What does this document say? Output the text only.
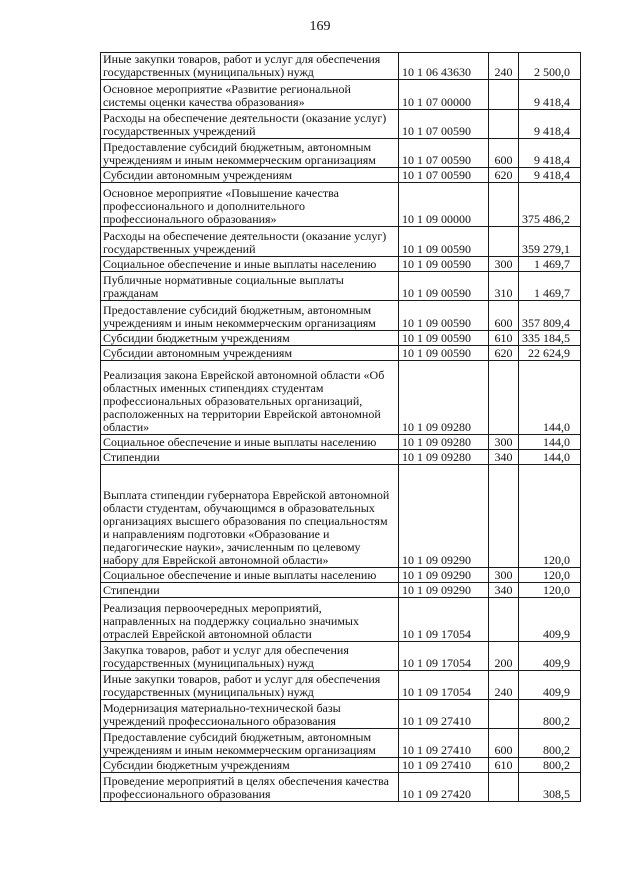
169
Иные закупки товаров, работ и услуг для обеспечения государственных (муниципальных) нужд	10 1 06 43630	240	2 500,0
Основное мероприятие «Развитие региональной системы оценки качества образования»	10 1 07 00000		9 418,4
Расходы на обеспечение деятельности (оказание услуг) государственных учреждений	10 1 07 00590		9 418,4
Предоставление субсидий бюджетным, автономным учреждениям и иным некоммерческим организациям	10 1 07 00590	600	9 418,4
Субсидии автономным учреждениям	10 1 07 00590	620	9 418,4
Основное мероприятие «Повышение качества профессионального и дополнительного профессионального образования»	10 1 09 00000		375 486,2
Расходы на обеспечение деятельности (оказание услуг) государственных учреждений	10 1 09 00590		359 279,1
Социальное обеспечение и иные выплаты населению	10 1 09 00590	300	1 469,7
Публичные нормативные социальные выплаты гражданам	10 1 09 00590	310	1 469,7
Предоставление субсидий бюджетным, автономным учреждениям и иным некоммерческим организациям	10 1 09 00590	600	357 809,4
Субсидии бюджетным учреждениям	10 1 09 00590	610	335 184,5
Субсидии автономным учреждениям	10 1 09 00590	620	22 624,9
Реализация закона Еврейской автономной области «Об областных именных стипендиях студентам профессиональных образовательных организаций, расположенных на территории Еврейской автономной области»	10 1 09 09280		144,0
Социальное обеспечение и иные выплаты населению	10 1 09 09280	300	144,0
Стипендии	10 1 09 09280	340	144,0
Выплата стипендии губернатора Еврейской автономной области студентам, обучающимся в образовательных организациях высшего образования по специальностям и направлениям подготовки «Образование и педагогические науки», зачисленным по целевому набору для Еврейской автономной области»	10 1 09 09290		120,0
Социальное обеспечение и иные выплаты населению	10 1 09 09290	300	120,0
Стипендии	10 1 09 09290	340	120,0
Реализация первоочередных мероприятий, направленных на поддержку социально значимых отраслей Еврейской автономной области	10 1 09 17054		409,9
Закупка товаров, работ и услуг для обеспечения государственных (муниципальных) нужд	10 1 09 17054	200	409,9
Иные закупки товаров, работ и услуг для обеспечения государственных (муниципальных) нужд	10 1 09 17054	240	409,9
Модернизация материально-технической базы учреждений профессионального образования	10 1 09 27410		800,2
Предоставление субсидий бюджетным, автономным учреждениям и иным некоммерческим организациям	10 1 09 27410	600	800,2
Субсидии бюджетным учреждениям	10 1 09 27410	610	800,2
Проведение мероприятий в целях обеспечения качества профессионального образования	10 1 09 27420		308,5
